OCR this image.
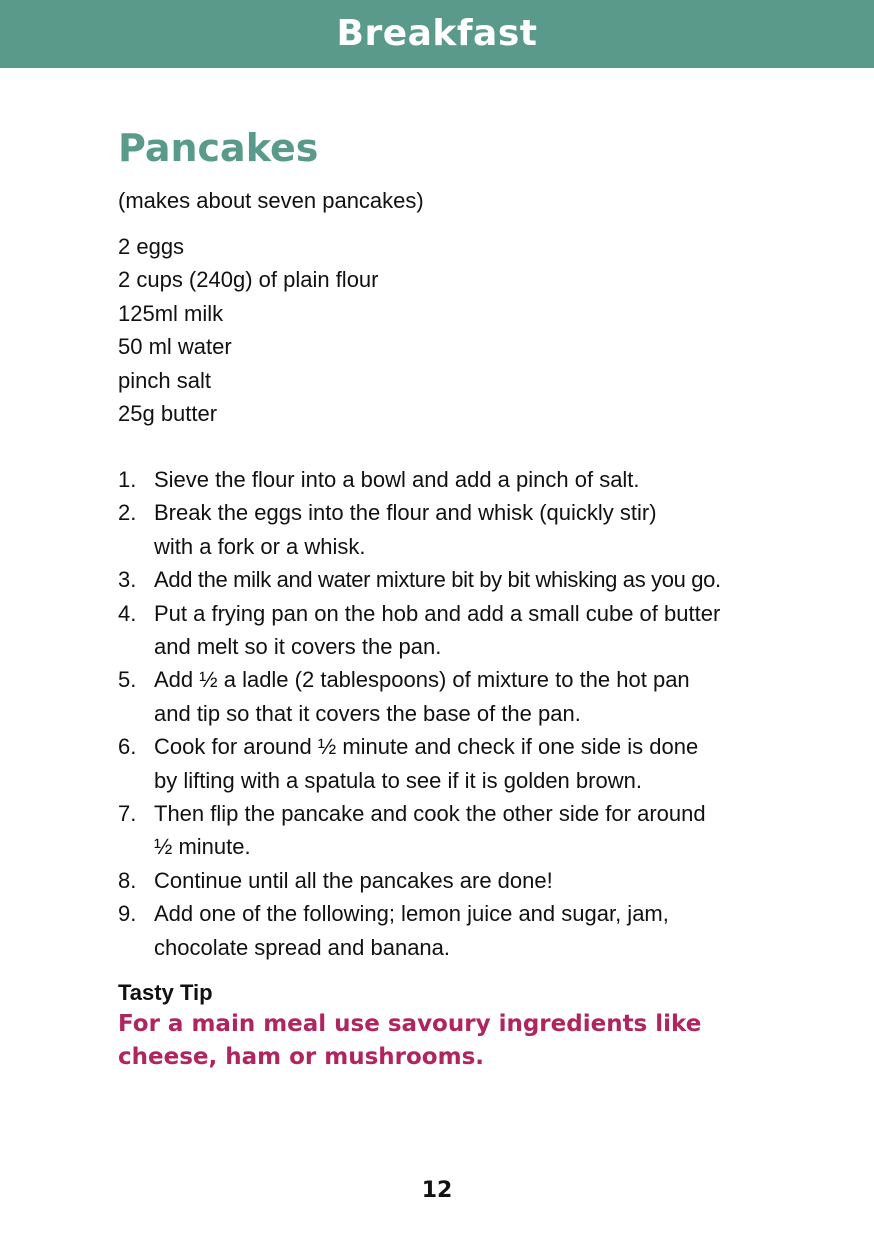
Breakfast
Pancakes
(makes about seven pancakes)
2 eggs
2 cups (240g) of plain flour
125ml milk
50 ml water
pinch salt
25g butter
1. Sieve the flour into a bowl and add a pinch of salt.
2. Break the eggs into the flour and whisk (quickly stir)
with a fork or a whisk.
3. Add the milk and water mixture bit by bit whisking as you go.
4. Put a frying pan on the hob and add a small cube of butter
and melt so it covers the pan.
5. Add ½ a ladle (2 tablespoons) of mixture to the hot pan
and tip so that it covers the base of the pan.
6. Cook for around ½ minute and check if one side is done
by lifting with a spatula to see if it is golden brown.
7. Then flip the pancake and cook the other side for around
½ minute.
8. Continue until all the pancakes are done!
9. Add one of the following; lemon juice and sugar, jam,
chocolate spread and banana.
Tasty Tip
For a main meal use savoury ingredients like cheese, ham or mushrooms.
12
